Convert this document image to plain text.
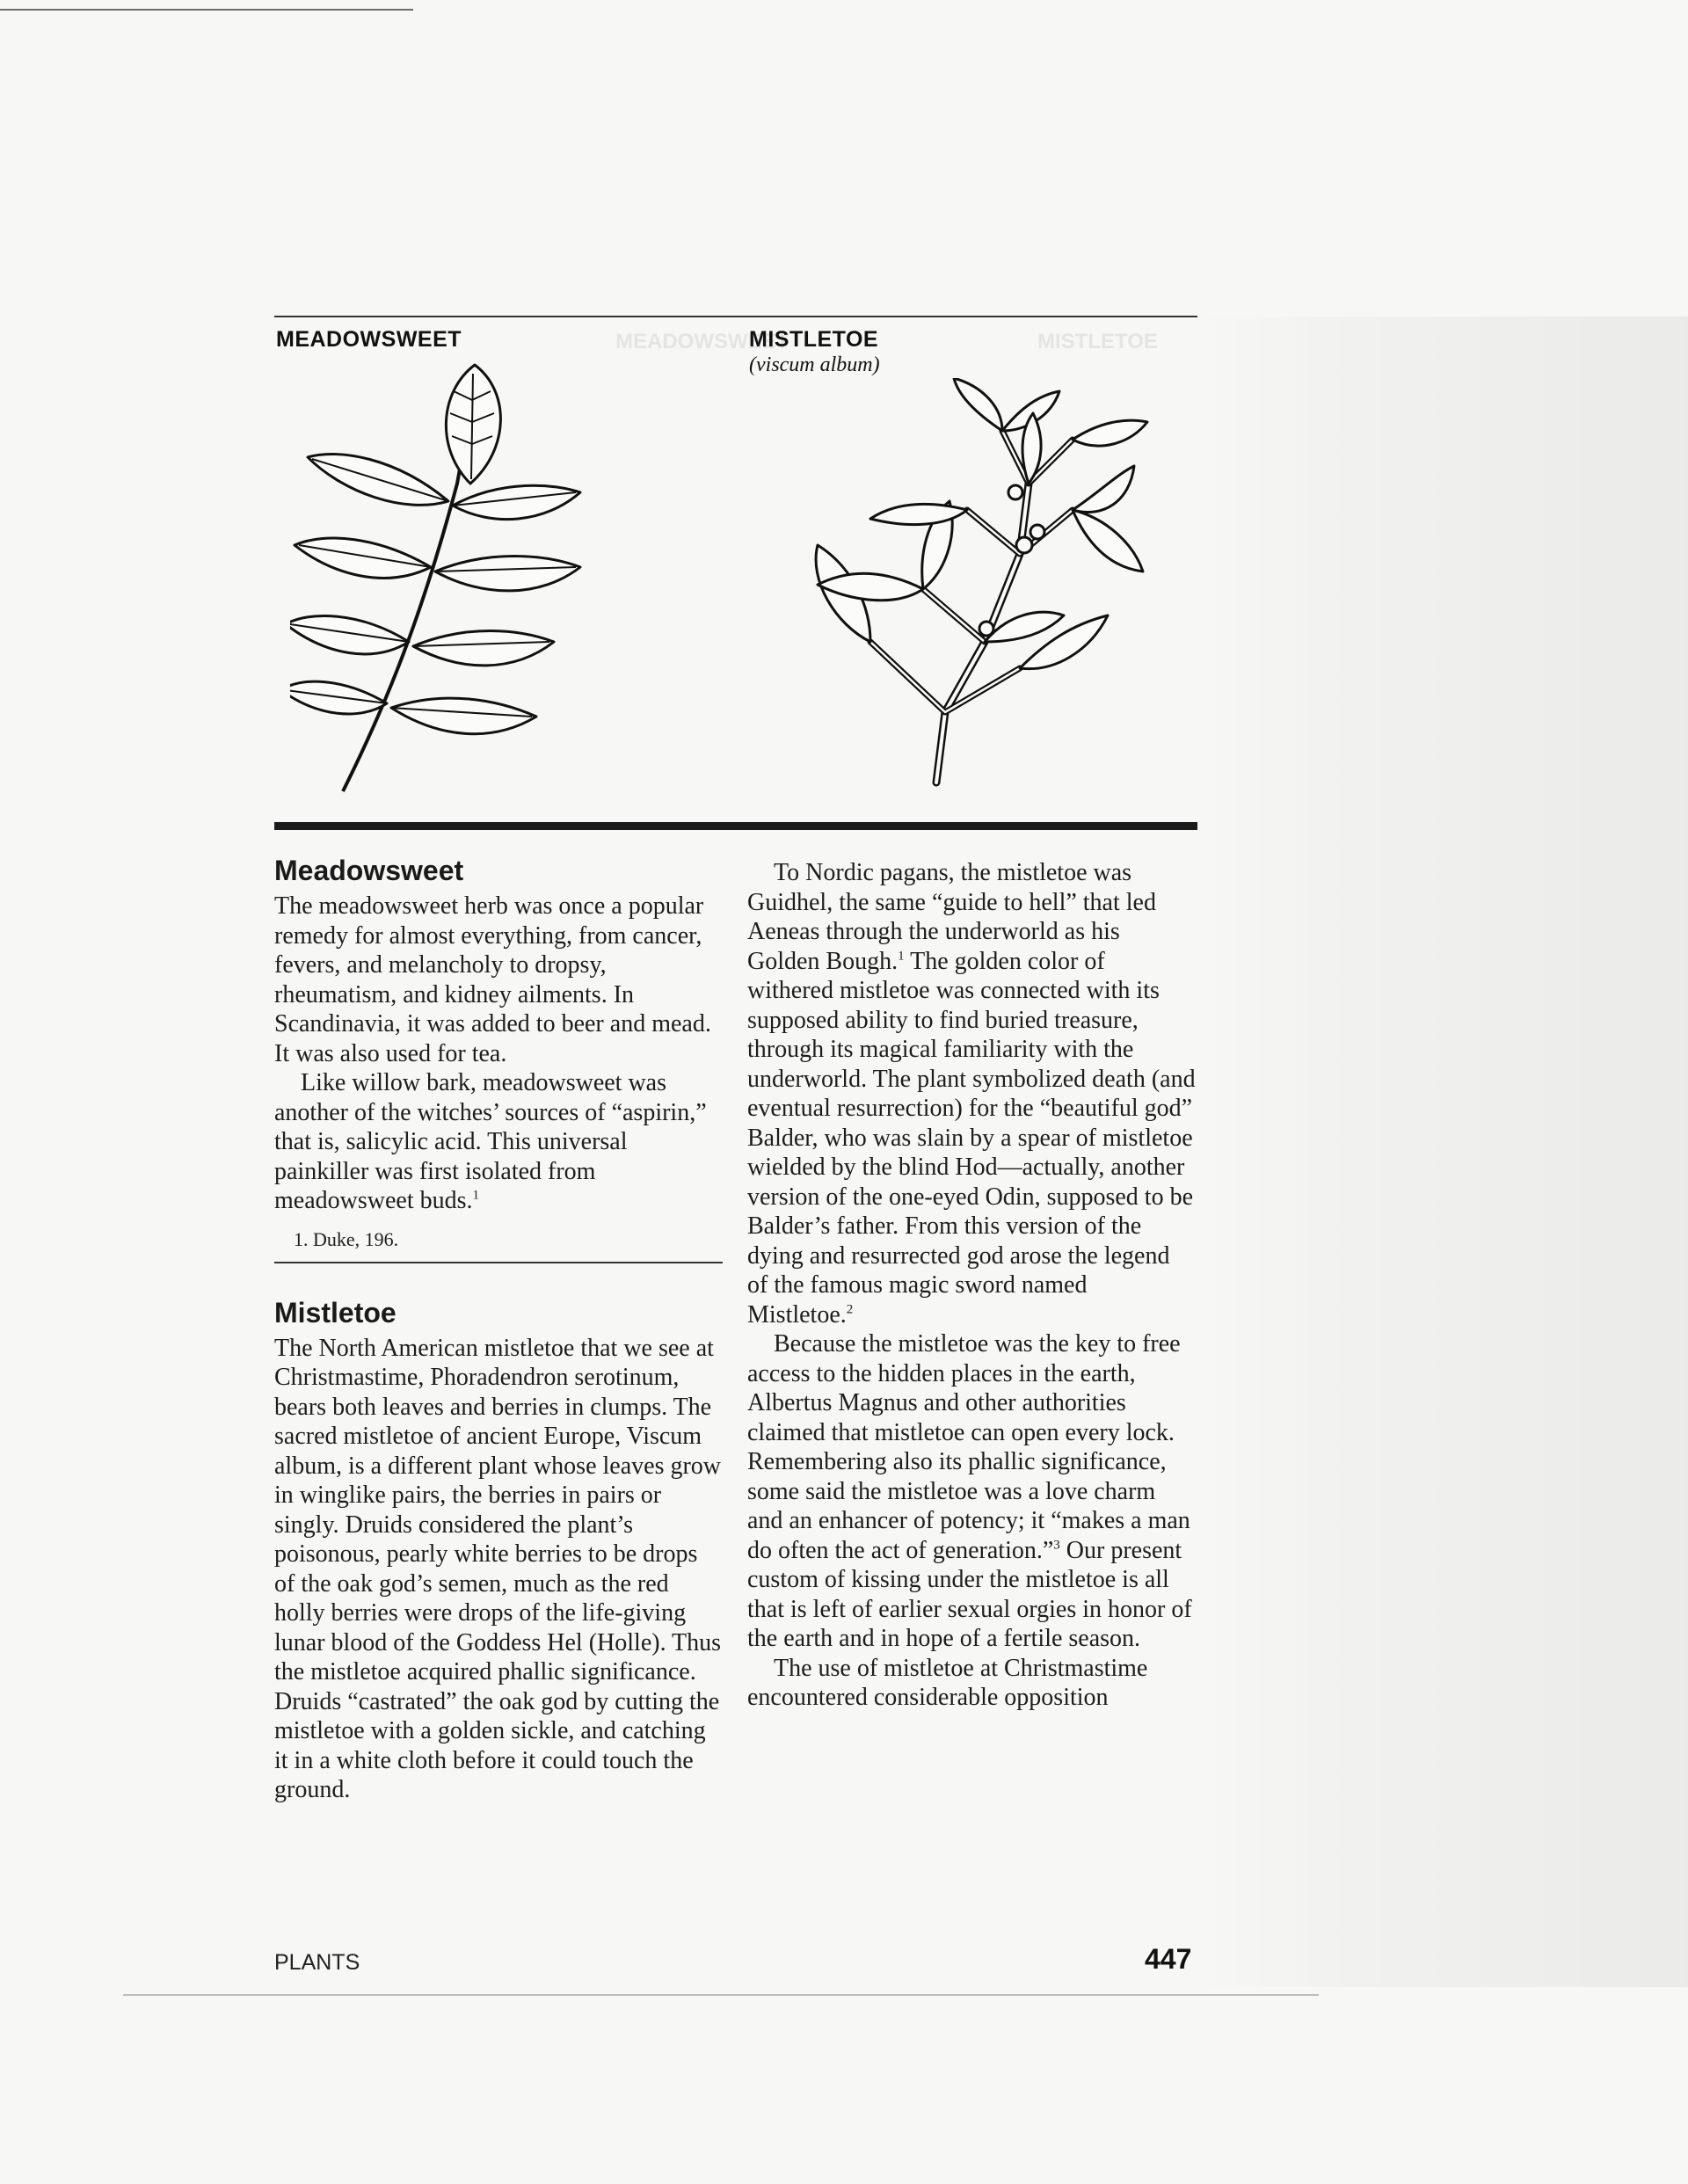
MEADOWSWEET	MISTLETOE
MEADOWSWEET	MISTLETOE
(viscum album)
Meadowsweet

The meadowsweet herb was once a popular remedy for almost everything, from cancer, fevers, and melancholy to dropsy, rheumatism, and kidney ailments. In Scandinavia, it was added to beer and mead. It was also used for tea.

Like willow bark, meadowsweet was another of the witches’ sources of “aspirin,” that is, salicylic acid. This universal painkiller was first isolated from meadowsweet buds.$^1$

1. Duke, 196.
Mistletoe

The North American mistletoe that we see at Christmastime, Phoradendron serotinum, bears both leaves and berries in clumps. The sacred mistletoe of ancient Europe, Viscum album, is a different plant whose leaves grow in winglike pairs, the berries in pairs or singly. Druids considered the plant’s poisonous, pearly white berries to be drops of the oak god’s semen, much as the red holly berries were drops of the life-giving lunar blood of the Goddess Hel (Holle). Thus the mistletoe acquired phallic significance. Druids “castrated” the oak god by cutting the mistletoe with a golden sickle, and catching it in a white cloth before it could touch the ground.

To Nordic pagans, the mistletoe was Guidhel, the same “guide to hell” that led Aeneas through the underworld as his Golden Bough.$^1$ The golden color of withered mistletoe was connected with its supposed ability to find buried treasure, through its magical familiarity with the underworld. The plant symbolized death (and eventual resurrection) for the “beautiful god” Balder, who was slain by a spear of mistletoe wielded by the blind Hod—actually, another version of the one-eyed Odin, supposed to be Balder’s father. From this version of the dying and resurrected god arose the legend of the famous magic sword named Mistletoe.$^2$

Because the mistletoe was the key to free access to the hidden places in the earth, Albertus Magnus and other authorities claimed that mistletoe can open every lock. Remembering also its phallic significance, some said the mistletoe was a love charm and an enhancer of potency; it “makes a man do often the act of generation.”$^3$ Our present custom of kissing under the mistletoe is all that is left of earlier sexual orgies in honor of the earth and in hope of a fertile season.

The use of mistletoe at Christmastime encountered considerable opposition

PLANTS	447
